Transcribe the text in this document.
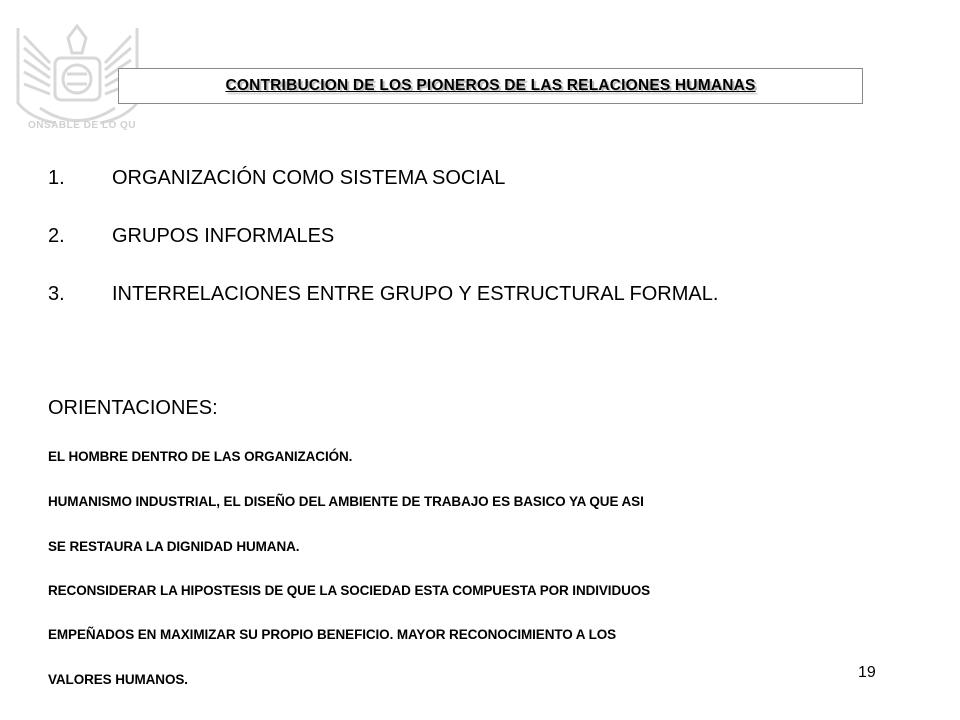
ONSABLE DE LO QU
CONTRIBUCION DE LOS PIONEROS DE LAS RELACIONES HUMANAS
1.	ORGANIZACIÓN COMO SISTEMA SOCIAL
2.	GRUPOS INFORMALES
3.	INTERRELACIONES ENTRE GRUPO Y ESTRUCTURAL FORMAL.
ORIENTACIONES:
EL HOMBRE DENTRO DE LAS ORGANIZACIÓN.
HUMANISMO INDUSTRIAL, EL DISEÑO DEL AMBIENTE DE TRABAJO ES BASICO YA QUE ASI
SE RESTAURA LA DIGNIDAD HUMANA.
RECONSIDERAR LA HIPOSTESIS DE QUE LA SOCIEDAD ESTA COMPUESTA POR INDIVIDUOS
EMPEÑADOS EN MAXIMIZAR SU PROPIO BENEFICIO. MAYOR RECONOCIMIENTO A LOS
VALORES HUMANOS.	19
